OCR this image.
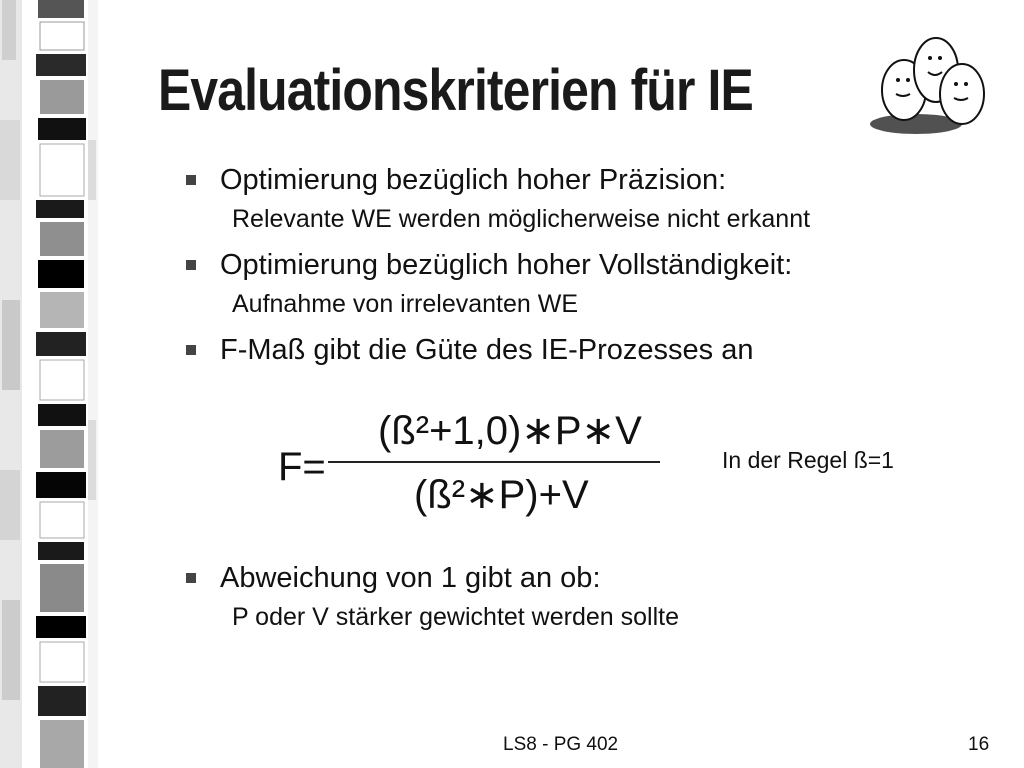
Evaluationskriterien für IE
Optimierung bezüglich hoher Präzision:
Relevante WE werden möglicherweise nicht erkannt
Optimierung bezüglich hoher Vollständigkeit:
Aufnahme von irrelevanten WE
F-Maß gibt die Güte des IE-Prozesses an
(ß²+1,0)∗P∗V
F=
(ß²∗P)+V
In der Regel ß=1
Abweichung von 1 gibt an ob:
P oder V stärker gewichtet werden sollte
LS8 - PG 402	16
